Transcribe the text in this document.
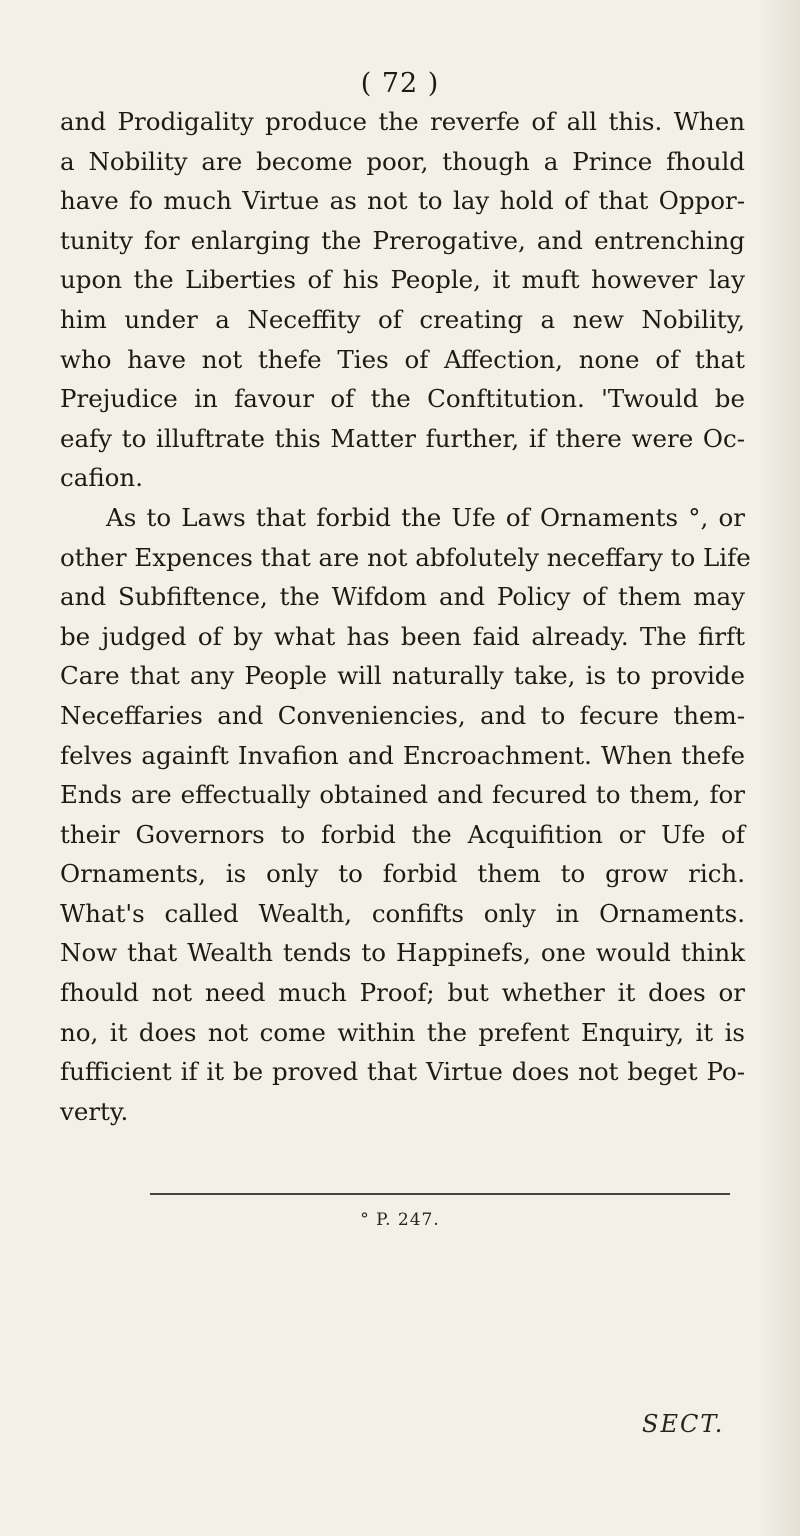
( 72 )
and Prodigality produce the reverfe of all this. When
a Nobility are become poor, though a Prince fhould
have fo much Virtue as not to lay hold of that Oppor-
tunity for enlarging the Prerogative, and entrenching
upon the Liberties of his People, it muft however lay
him under a Neceffity of creating a new Nobility,
who have not thefe Ties of Affection, none of that
Prejudice in favour of the Conftitution. 'Twould be
eafy to illuftrate this Matter further, if there were Oc-
cafion.
As to Laws that forbid the Ufe of Ornaments °, or
other Expences that are not abfolutely neceffary to Life
and Subfiftence, the Wifdom and Policy of them may
be judged of by what has been faid already. The firft
Care that any People will naturally take, is to provide
Neceffaries and Conveniencies, and to fecure them-
felves againft Invafion and Encroachment. When thefe
Ends are effectually obtained and fecured to them, for
their Governors to forbid the Acquifition or Ufe of
Ornaments, is only to forbid them to grow rich.
What's called Wealth, confifts only in Ornaments.
Now that Wealth tends to Happinefs, one would think
fhould not need much Proof; but whether it does or
no, it does not come within the prefent Enquiry, it is
fufficient if it be proved that Virtue does not beget Po-
verty.
° P. 247.
SECT.
